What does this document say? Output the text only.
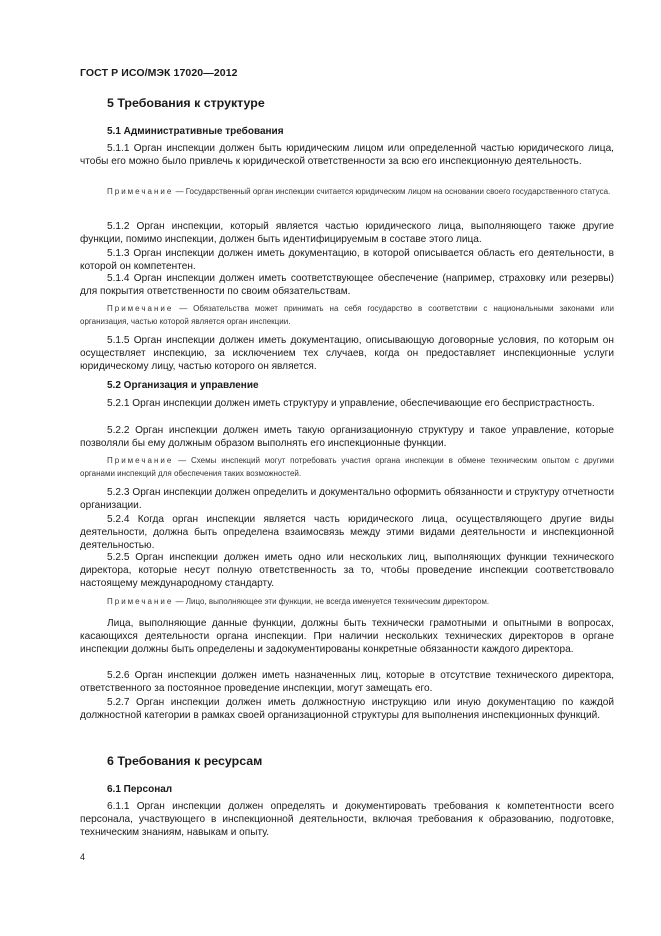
ГОСТ Р ИСО/МЭК 17020—2012
5 Требования к структуре
5.1 Административные требования
5.1.1 Орган инспекции должен быть юридическим лицом или определенной частью юридического лица, чтобы его можно было привлечь к юридической ответственности за всю его инспекционную деятельность.
Примечание — Государственный орган инспекции считается юридическим лицом на основании своего государственного статуса.
5.1.2 Орган инспекции, который является частью юридического лица, выполняющего также другие функции, помимо инспекции, должен быть идентифицируемым в составе этого лица.
5.1.3 Орган инспекции должен иметь документацию, в которой описывается область его деятельности, в которой он компетентен.
5.1.4 Орган инспекции должен иметь соответствующее обеспечение (например, страховку или резервы) для покрытия ответственности по своим обязательствам.
Примечание — Обязательства может принимать на себя государство в соответствии с национальными законами или организация, частью которой является орган инспекции.
5.1.5 Орган инспекции должен иметь документацию, описывающую договорные условия, по которым он осуществляет инспекцию, за исключением тех случаев, когда он предоставляет инспекционные услуги юридическому лицу, частью которого он является.
5.2 Организация и управление
5.2.1 Орган инспекции должен иметь структуру и управление, обеспечивающие его беспристрастность.
5.2.2 Орган инспекции должен иметь такую организационную структуру и такое управление, которые позволяли бы ему должным образом выполнять его инспекционные функции.
Примечание — Схемы инспекций могут потребовать участия органа инспекции в обмене техническим опытом с другими органами инспекций для обеспечения таких возможностей.
5.2.3 Орган инспекции должен определить и документально оформить обязанности и структуру отчетности организации.
5.2.4 Когда орган инспекции является часть юридического лица, осуществляющего другие виды деятельности, должна быть определена взаимосвязь между этими видами деятельности и инспекционной деятельностью.
5.2.5 Орган инспекции должен иметь одно или нескольких лиц, выполняющих функции технического директора, которые несут полную ответственность за то, чтобы проведение инспекции соответствовало настоящему международному стандарту.
Примечание — Лицо, выполняющее эти функции, не всегда именуется техническим директором.
Лица, выполняющие данные функции, должны быть технически грамотными и опытными в вопросах, касающихся деятельности органа инспекции. При наличии нескольких технических директоров в органе инспекции должны быть определены и задокументированы конкретные обязанности каждого директора.
5.2.6 Орган инспекции должен иметь назначенных лиц, которые в отсутствие технического директора, ответственного за постоянное проведение инспекции, могут замещать его.
5.2.7 Орган инспекции должен иметь должностную инструкцию или иную документацию по каждой должностной категории в рамках своей организационной структуры для выполнения инспекционных функций.
6 Требования к ресурсам
6.1 Персонал
6.1.1 Орган инспекции должен определять и документировать требования к компетентности всего персонала, участвующего в инспекционной деятельности, включая требования к образованию, подготовке, техническим знаниям, навыкам и опыту.
4
